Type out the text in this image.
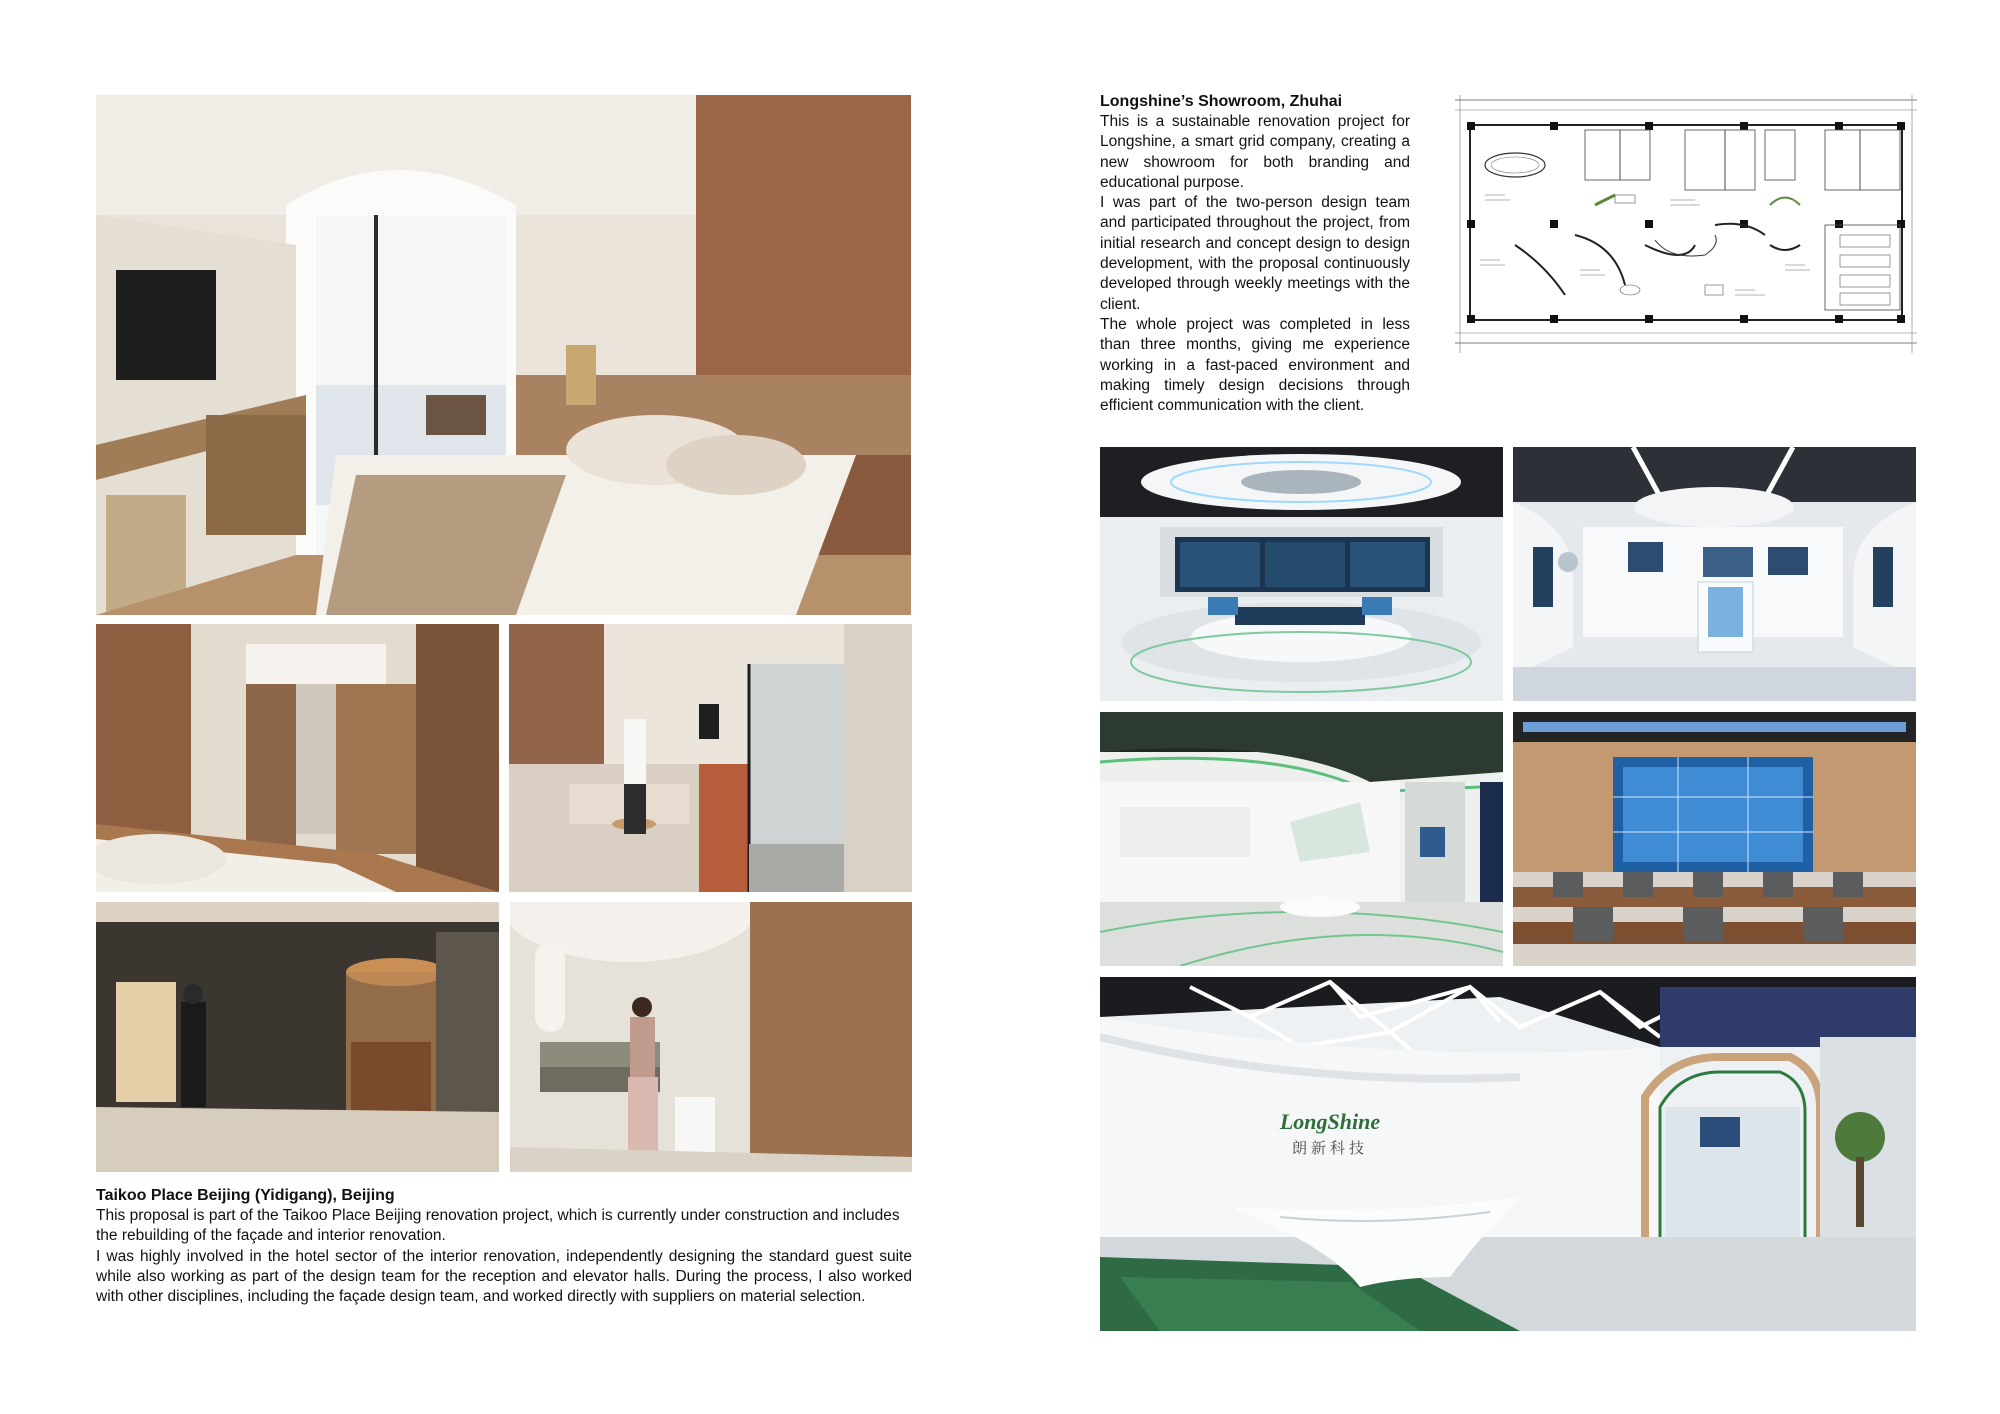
Taikoo Place Beijing (Yidigang), Beijing

This proposal is part of the Taikoo Place Beijing renovation project, which is currently under construction and includes the rebuilding of the façade and interior renovation.

I was highly involved in the hotel sector of the interior renovation, independently designing the standard guest suite while also working as part of the design team for the reception and elevator halls. During the process, I also worked with other disciplines, including the façade design team, and worked directly with suppliers on material selection.

Longshine’s Showroom, Zhuhai

This is a sustainable renovation project for Longshine, a smart grid company, creating a new showroom for both branding and educational purpose.

I was part of the two-person design team and participated throughout the project, from initial research and concept design to design development, with the proposal continuously developed through weekly meetings with the client.

The whole project was completed in less than three months, giving me experience working in a fast-paced environment and making timely design decisions through efficient communication with the client.

LongShine
朗新科技
